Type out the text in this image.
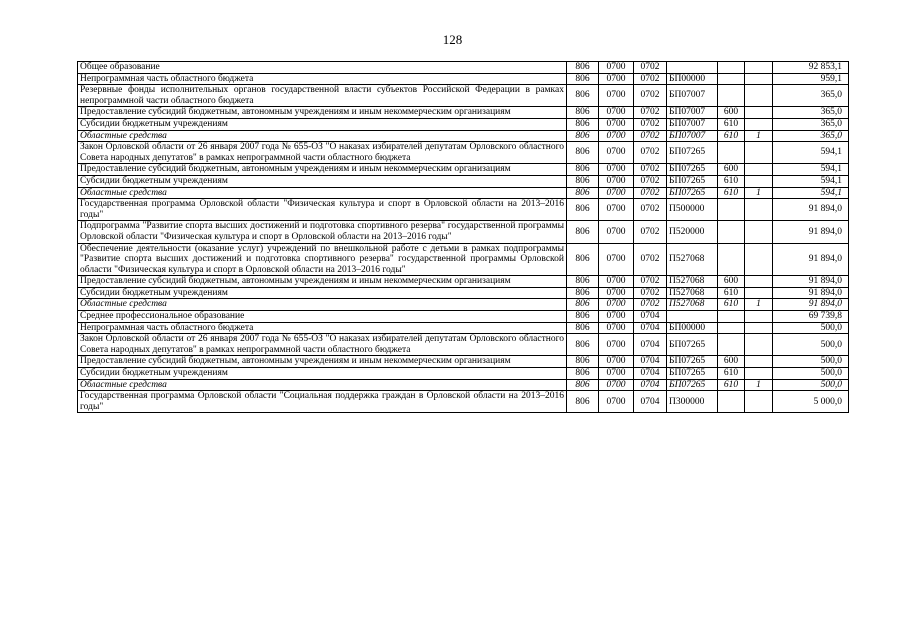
128
Общее образование	806	0700	0702				92 853,1
Непрограммная часть областного бюджета	806	0700	0702	БП00000			959,1
Резервные фонды исполнительных органов государственной власти субъектов Российской Федерации в рамках непрограммной части областного бюджета	806	0700	0702	БП07007			365,0
Предоставление субсидий бюджетным, автономным учреждениям и иным некоммерческим организациям	806	0700	0702	БП07007	600		365,0
Субсидии бюджетным учреждениям	806	0700	0702	БП07007	610		365,0
Областные средства	806	0700	0702	БП07007	610	1	365,0
Закон Орловской области от 26 января 2007 года № 655-ОЗ "О наказах избирателей депутатам Орловского областного Совета народных депутатов" в рамках непрограммной части областного бюджета	806	0700	0702	БП07265			594,1
Предоставление субсидий бюджетным, автономным учреждениям и иным некоммерческим организациям	806	0700	0702	БП07265	600		594,1
Субсидии бюджетным учреждениям	806	0700	0702	БП07265	610		594,1
Областные средства	806	0700	0702	БП07265	610	1	594,1
Государственная программа Орловской области "Физическая культура и спорт в Орловской области на 2013–2016 годы"	806	0700	0702	П500000			91 894,0
Подпрограмма "Развитие спорта высших достижений и подготовка спортивного резерва" государственной программы Орловской области "Физическая культура и спорт в Орловской области на 2013–2016 годы"	806	0700	0702	П520000			91 894,0
Обеспечение деятельности (оказание услуг) учреждений по внешкольной работе с детьми в рамках подпрограммы "Развитие спорта высших достижений и подготовка спортивного резерва" государственной программы Орловской области "Физическая культура и спорт в Орловской области на 2013–2016 годы"	806	0700	0702	П527068			91 894,0
Предоставление субсидий бюджетным, автономным учреждениям и иным некоммерческим организациям	806	0700	0702	П527068	600		91 894,0
Субсидии бюджетным учреждениям	806	0700	0702	П527068	610		91 894,0
Областные средства	806	0700	0702	П527068	610	1	91 894,0
Среднее профессиональное образование	806	0700	0704				69 739,8
Непрограммная часть областного бюджета	806	0700	0704	БП00000			500,0
Закон Орловской области от 26 января 2007 года № 655-ОЗ "О наказах избирателей депутатам Орловского областного Совета народных депутатов" в рамках непрограммной части областного бюджета	806	0700	0704	БП07265			500,0
Предоставление субсидий бюджетным, автономным учреждениям и иным некоммерческим организациям	806	0700	0704	БП07265	600		500,0
Субсидии бюджетным учреждениям	806	0700	0704	БП07265	610		500,0
Областные средства	806	0700	0704	БП07265	610	1	500,0
Государственная программа Орловской области "Социальная поддержка граждан в Орловской области на 2013–2016 годы"	806	0700	0704	П300000			5 000,0
